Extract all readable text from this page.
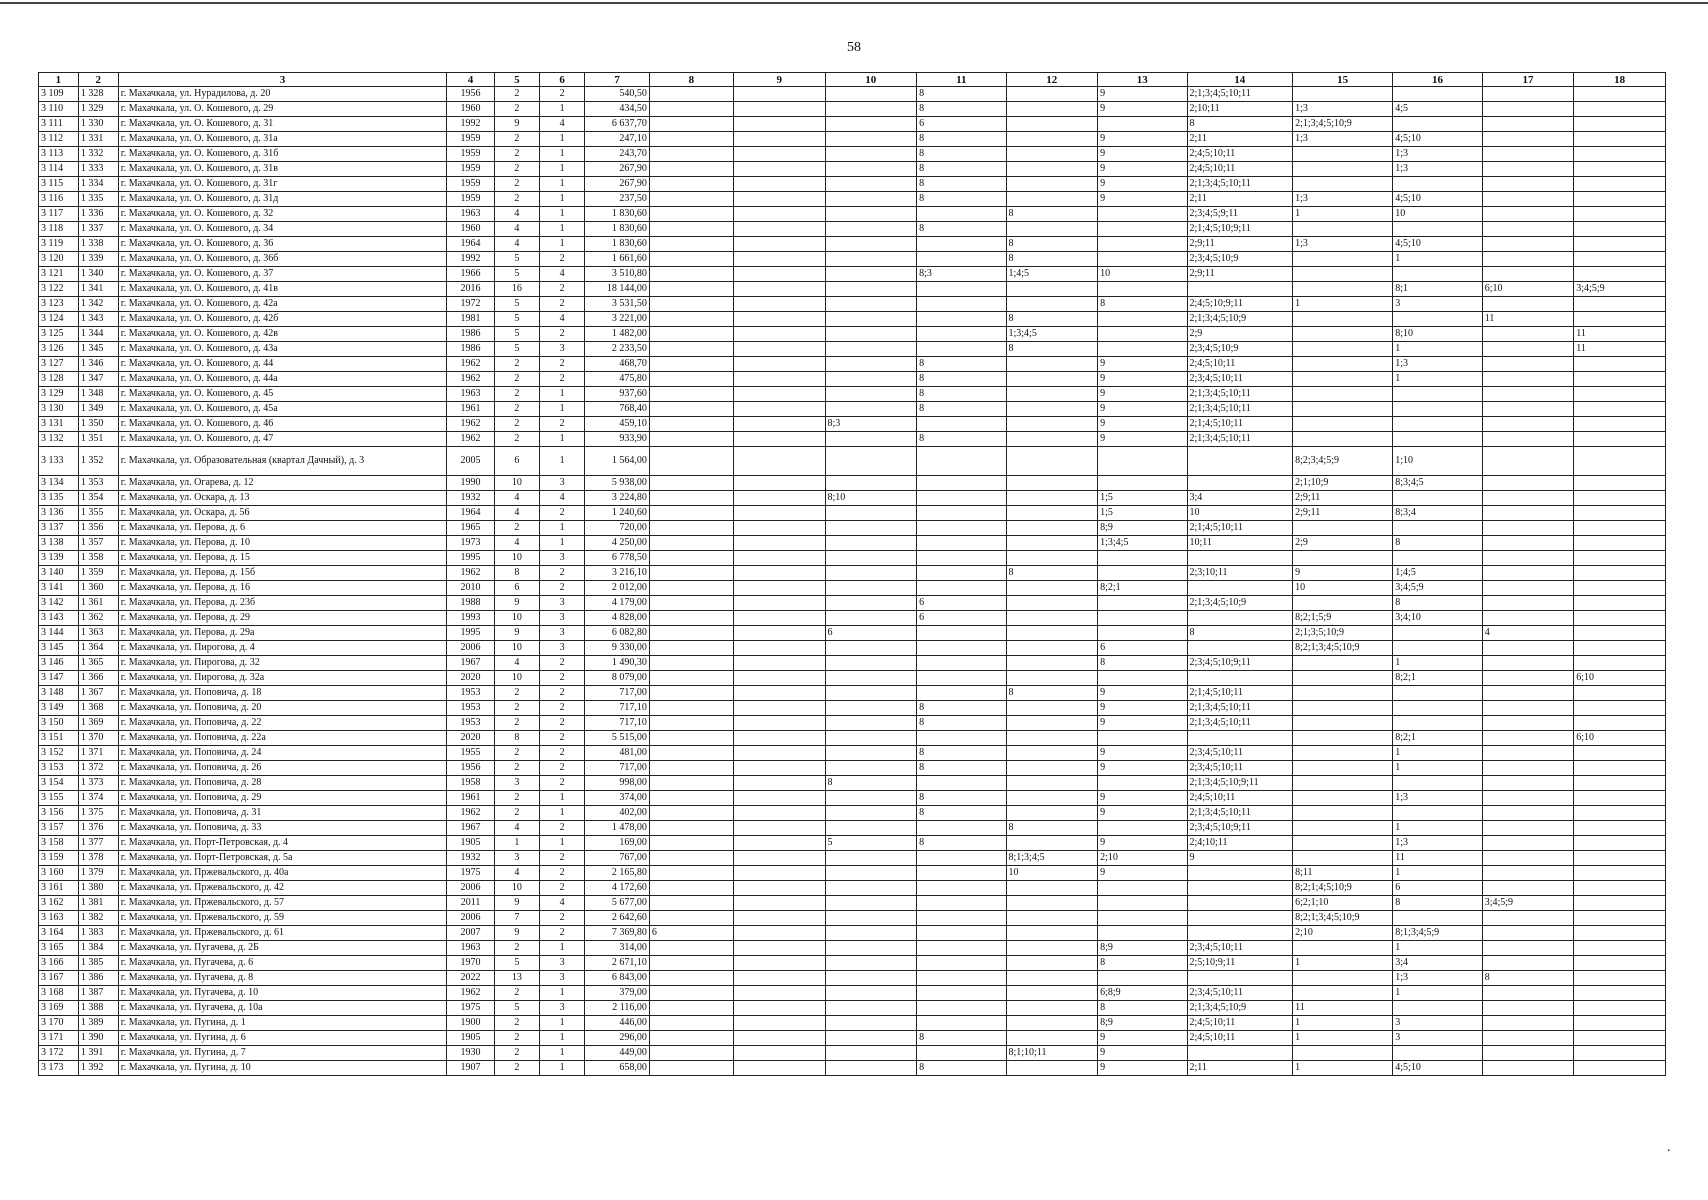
58
1	2	3	4	5	6	7	8	9	10	11	12	13	14	15	16	17	18
3 109	1 328	г. Махачкала, ул. Нурадилова, д. 20	1956	2	2	540,50				8		9	2;1;3;4;5;10;11				
3 110	1 329	г. Махачкала, ул. О. Кошевого, д. 29	1960	2	1	434,50				8		9	2;10;11	1;3	4;5		
3 111	1 330	г. Махачкала, ул. О. Кошевого, д. 31	1992	9	4	6 637,70				6			8	2;1;3;4;5;10;9			
3 112	1 331	г. Махачкала, ул. О. Кошевого, д. 31а	1959	2	1	247,10				8		9	2;11	1;3	4;5;10		
3 113	1 332	г. Махачкала, ул. О. Кошевого, д. 31б	1959	2	1	243,70				8		9	2;4;5;10;11		1;3		
3 114	1 333	г. Махачкала, ул. О. Кошевого, д. 31в	1959	2	1	267,90				8		9	2;4;5;10;11		1;3		
3 115	1 334	г. Махачкала, ул. О. Кошевого, д. 31г	1959	2	1	267,90				8		9	2;1;3;4;5;10;11				
3 116	1 335	г. Махачкала, ул. О. Кошевого, д. 31д	1959	2	1	237,50				8		9	2;11	1;3	4;5;10		
3 117	1 336	г. Махачкала, ул. О. Кошевого, д. 32	1963	4	1	1 830,60					8		2;3;4;5;9;11	1	10		
3 118	1 337	г. Махачкала, ул. О. Кошевого, д. 34	1960	4	1	1 830,60				8			2;1;4;5;10;9;11				
3 119	1 338	г. Махачкала, ул. О. Кошевого, д. 36	1964	4	1	1 830,60					8		2;9;11	1;3	4;5;10		
3 120	1 339	г. Махачкала, ул. О. Кошевого, д. 36б	1992	5	2	1 661,60					8		2;3;4;5;10;9		1		
3 121	1 340	г. Махачкала, ул. О. Кошевого, д. 37	1966	5	4	3 510,80				8;3	1;4;5	10	2;9;11				
3 122	1 341	г. Махачкала, ул. О. Кошевого, д. 41в	2016	16	2	18 144,00									8;1	6;10	3;4;5;9
3 123	1 342	г. Махачкала, ул. О. Кошевого, д. 42а	1972	5	2	3 531,50						8	2;4;5;10;9;11	1	3		
3 124	1 343	г. Махачкала, ул. О. Кошевого, д. 42б	1981	5	4	3 221,00					8		2;1;3;4;5;10;9			11	
3 125	1 344	г. Махачкала, ул. О. Кошевого, д. 42в	1986	5	2	1 482,00					1;3;4;5		2;9		8;10		11
3 126	1 345	г. Махачкала, ул. О. Кошевого, д. 43а	1986	5	3	2 233,50					8		2;3;4;5;10;9		1		11
3 127	1 346	г. Махачкала, ул. О. Кошевого, д. 44	1962	2	2	468,70				8		9	2;4;5;10;11		1;3		
3 128	1 347	г. Махачкала, ул. О. Кошевого, д. 44а	1962	2	2	475,80				8		9	2;3;4;5;10;11		1		
3 129	1 348	г. Махачкала, ул. О. Кошевого, д. 45	1963	2	1	937,60				8		9	2;1;3;4;5;10;11				
3 130	1 349	г. Махачкала, ул. О. Кошевого, д. 45а	1961	2	1	768,40				8		9	2;1;3;4;5;10;11				
3 131	1 350	г. Махачкала, ул. О. Кошевого, д. 46	1962	2	2	459,10			8;3			9	2;1;4;5;10;11				
3 132	1 351	г. Махачкала, ул. О. Кошевого, д. 47	1962	2	1	933,90				8		9	2;1;3;4;5;10;11				
3 133	1 352	г. Махачкала, ул. Образовательная (квартал Дачный), д. 3	2005	6	1	1 564,00								8;2;3;4;5;9	1;10		
3 134	1 353	г. Махачкала, ул. Огарева, д. 12	1990	10	3	5 938,00								2;1;10;9	8;3;4;5		
3 135	1 354	г. Махачкала, ул. Оскара, д. 13	1932	4	4	3 224,80			8;10			1;5	3;4	2;9;11			
3 136	1 355	г. Махачкала, ул. Оскара, д. 56	1964	4	2	1 240,60						1;5	10	2;9;11	8;3;4		
3 137	1 356	г. Махачкала, ул. Перова, д. 6	1965	2	1	720,00						8;9	2;1;4;5;10;11				
3 138	1 357	г. Махачкала, ул. Перова, д. 10	1973	4	1	4 250,00						1;3;4;5	10;11	2;9	8		
3 139	1 358	г. Махачкала, ул. Перова, д. 15	1995	10	3	6 778,50											
3 140	1 359	г. Махачкала, ул. Перова, д. 15б	1962	8	2	3 216,10					8		2;3;10;11	9	1;4;5		
3 141	1 360	г. Махачкала, ул. Перова, д. 16	2010	6	2	2 012,00						8;2;1		10	3;4;5;9		
3 142	1 361	г. Махачкала, ул. Перова, д. 23б	1988	9	3	4 179,00				6			2;1;3;4;5;10;9		8		
3 143	1 362	г. Махачкала, ул. Перова, д. 29	1993	10	3	4 828,00				6				8;2;1;5;9	3;4;10		
3 144	1 363	г. Махачкала, ул. Перова, д. 29а	1995	9	3	6 082,80			6				8	2;1;3;5;10;9		4	
3 145	1 364	г. Махачкала, ул. Пирогова, д. 4	2006	10	3	9 330,00						6		8;2;1;3;4;5;10;9			
3 146	1 365	г. Махачкала, ул. Пирогова, д. 32	1967	4	2	1 490,30						8	2;3;4;5;10;9;11		1		
3 147	1 366	г. Махачкала, ул. Пирогова, д. 32а	2020	10	2	8 079,00									8;2;1		6;10
3 148	1 367	г. Махачкала, ул. Поповича, д. 18	1953	2	2	717,00					8	9	2;1;4;5;10;11				
3 149	1 368	г. Махачкала, ул. Поповича, д. 20	1953	2	2	717,10				8		9	2;1;3;4;5;10;11				
3 150	1 369	г. Махачкала, ул. Поповича, д. 22	1953	2	2	717,10				8		9	2;1;3;4;5;10;11				
3 151	1 370	г. Махачкала, ул. Поповича, д. 22а	2020	8	2	5 515,00									8;2;1		6;10
3 152	1 371	г. Махачкала, ул. Поповича, д. 24	1955	2	2	481,00				8		9	2;3;4;5;10;11		1		
3 153	1 372	г. Махачкала, ул. Поповича, д. 26	1956	2	2	717,00				8		9	2;3;4;5;10;11		1		
3 154	1 373	г. Махачкала, ул. Поповича, д. 28	1958	3	2	998,00			8				2;1;3;4;5;10;9;11				
3 155	1 374	г. Махачкала, ул. Поповича, д. 29	1961	2	1	374,00				8		9	2;4;5;10;11		1;3		
3 156	1 375	г. Махачкала, ул. Поповича, д. 31	1962	2	1	402,00				8		9	2;1;3;4;5;10;11				
3 157	1 376	г. Махачкала, ул. Поповича, д. 33	1967	4	2	1 478,00					8		2;3;4;5;10;9;11		1		
3 158	1 377	г. Махачкала, ул. Порт-Петровская, д. 4	1905	1	1	169,00			5	8		9	2;4;10;11		1;3		
3 159	1 378	г. Махачкала, ул. Порт-Петровская, д. 5а	1932	3	2	767,00					8;1;3;4;5	2;10	9		11		
3 160	1 379	г. Махачкала, ул. Пржевальского, д. 40а	1975	4	2	2 165,80					10	9		8;11	1		
3 161	1 380	г. Махачкала, ул. Пржевальского, д. 42	2006	10	2	4 172,60								8;2;1;4;5;10;9	6		
3 162	1 381	г. Махачкала, ул. Пржевальского, д. 57	2011	9	4	5 677,00								6;2;1;10	8	3;4;5;9	
3 163	1 382	г. Махачкала, ул. Пржевальского, д. 59	2006	7	2	2 642,60								8;2;1;3;4;5;10;9			
3 164	1 383	г. Махачкала, ул. Пржевальского, д. 61	2007	9	2	7 369,80	6							2;10	8;1;3;4;5;9		
3 165	1 384	г. Махачкала, ул. Пугачева, д. 2Б	1963	2	1	314,00						8;9	2;3;4;5;10;11		1		
3 166	1 385	г. Махачкала, ул. Пугачева, д. 6	1970	5	3	2 671,10						8	2;5;10;9;11	1	3;4		
3 167	1 386	г. Махачкала, ул. Пугачева, д. 8	2022	13	3	6 843,00									1;3	8	
3 168	1 387	г. Махачкала, ул. Пугачева, д. 10	1962	2	1	379,00						6;8;9	2;3;4;5;10;11		1		
3 169	1 388	г. Махачкала, ул. Пугачева, д. 10а	1975	5	3	2 116,00						8	2;1;3;4;5;10;9	11			
3 170	1 389	г. Махачкала, ул. Пугина, д. 1	1900	2	1	446,00						8;9	2;4;5;10;11	1	3		
3 171	1 390	г. Махачкала, ул. Пугина, д. 6	1905	2	1	296,00				8		9	2;4;5;10;11	1	3		
3 172	1 391	г. Махачкала, ул. Пугина, д. 7	1930	2	1	449,00					8;1;10;11	9					
3 173	1 392	г. Махачкала, ул. Пугина, д. 10	1907	2	1	658,00				8		9	2;11	1	4;5;10		
.
